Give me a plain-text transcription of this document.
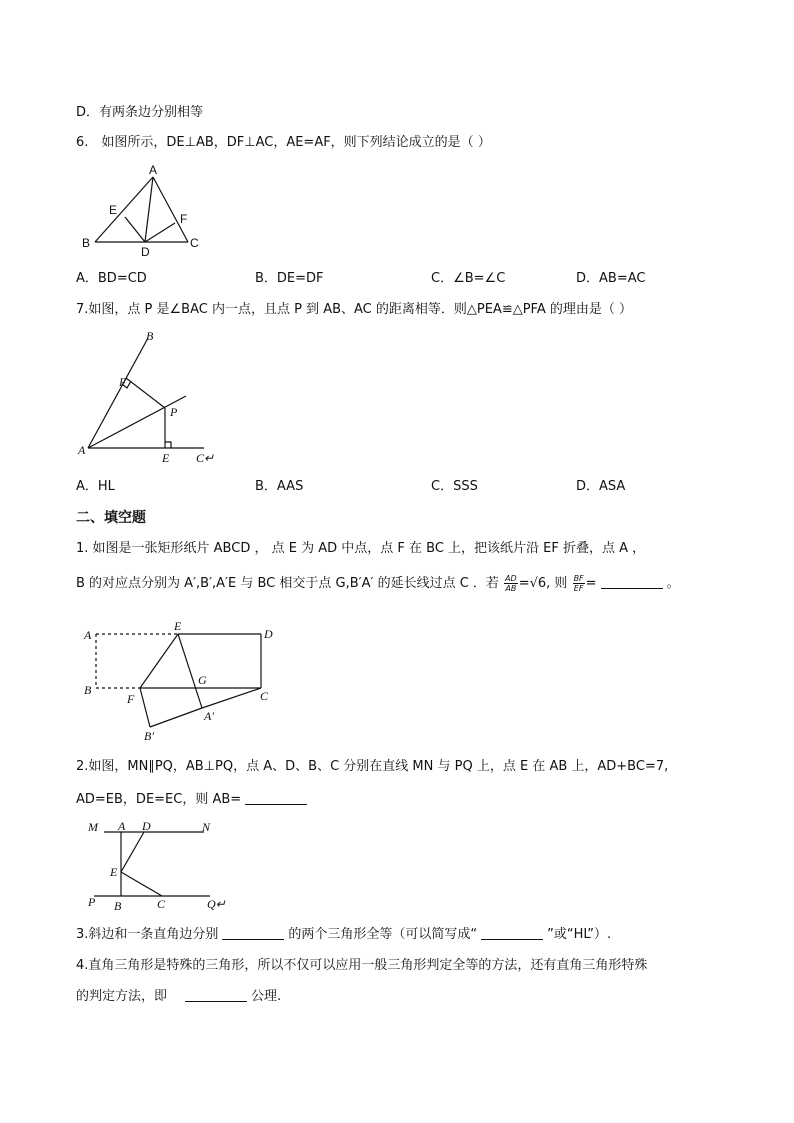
D．有两条边分别相等
6.　如图所示，DE⊥AB，DF⊥AC，AE=AF，则下列结论成立的是（ ）
A
E
F
B
D
C
A．BD=CD	B．DE=DF	C．∠B=∠C	D．AB=AC
7.如图，点 P 是∠BAC 内一点，且点 P 到 AB、AC 的距离相等．则△PEA≌△PFA 的理由是（ ）
B
F
P
A
E C↵
A．HL	B．AAS	C．SSS	D．ASA
二、填空题
1. 如图是一张矩形纸片 ABCD ， 点 E 为 AD 中点，点 F 在 BC 上，把该纸片沿 EF 折叠，点 A ，
B 的对应点分别为 A′,B′,A′E 与 BC 相交于点 G,B′A′ 的延长线过点 C ．若 $\frac{AD}{AB} =√6$, 则 $\frac{BF}{EF}$ =	。
A
E
D
B
G
C
F
A′
B′
2.如图，MN∥PQ，AB⊥PQ，点 A、D、B、C 分别在直线 MN 与 PQ 上，点 E 在 AB 上，AD+BC=7,
AD=EB，DE=EC，则 AB=
M A D	N
E
P B	C	Q↵
3.斜边和一条直角边分别	的两个三角形全等（可以简写成“	”或“HL”）.
4.直角三角形是特殊的三角形，所以不仅可以应用一般三角形判定全等的方法，还有直角三角形特殊
的判定方法，即	公理.
